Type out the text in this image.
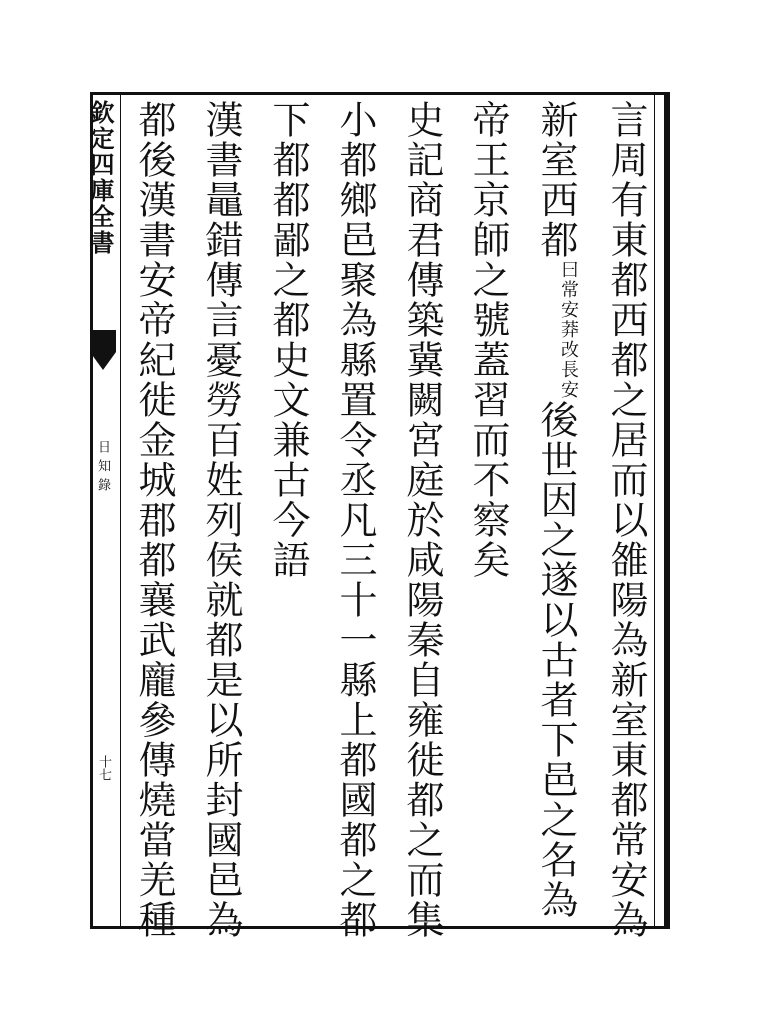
欽定四庫全書
日知錄
十七	言周有東都西都之居而以雒陽為新室東都常安為
新室西都
莽改長安
曰常安
後世因之遂以古者下邑之名為
帝王京師之號蓋習而不察矣
史記商君傳築冀闕宮庭於咸陽秦自雍徙都之而集
小都鄉邑聚為縣置令丞凡三十一縣上都國都之都
下都都鄙之都史文兼古今語
漢書鼂錯傳言憂勞百姓列侯就都是以所封國邑為
都後漢書安帝紀徙金城郡都襄武龐參傳燒當羌種
